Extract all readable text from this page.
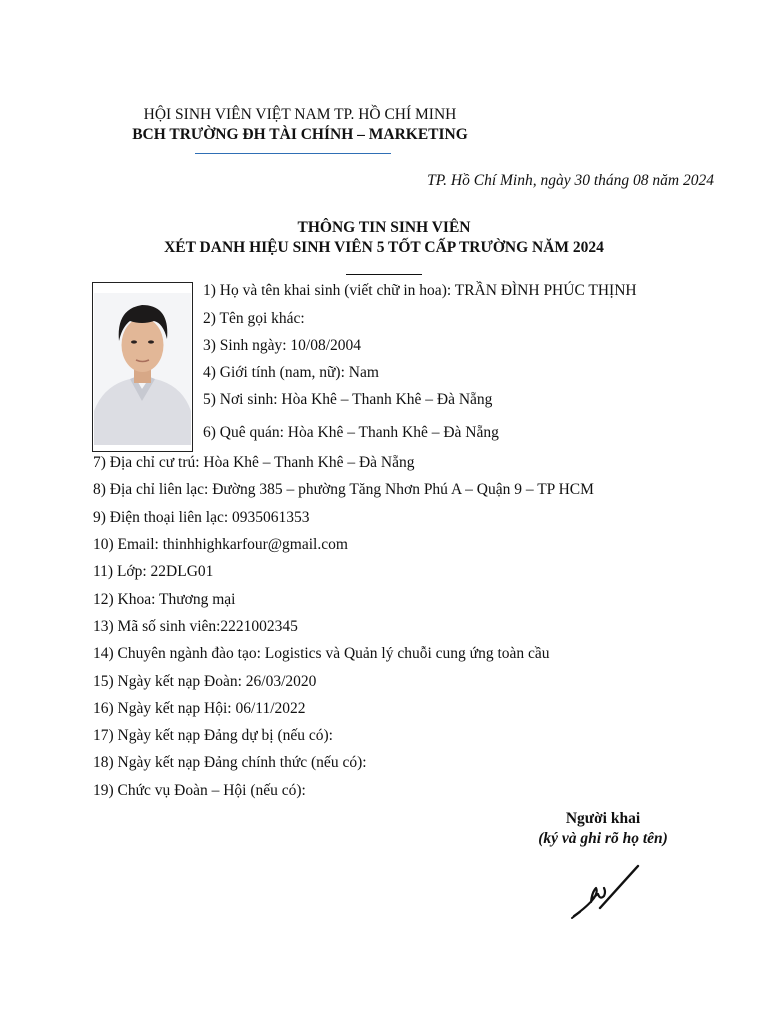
HỘI SINH VIÊN VIỆT NAM TP. HỒ CHÍ MINH
BCH TRƯỜNG ĐH TÀI CHÍNH – MARKETING
TP. Hồ Chí Minh, ngày 30 tháng 08 năm 2024
THÔNG TIN SINH VIÊN
XÉT DANH HIỆU SINH VIÊN 5 TỐT CẤP TRƯỜNG NĂM 2024
1) Họ và tên khai sinh (viết chữ in hoa): TRẦN ĐÌNH PHÚC THỊNH
2) Tên gọi khác:
3) Sinh ngày: 10/08/2004
4) Giới tính (nam, nữ): Nam
5) Nơi sinh: Hòa Khê – Thanh Khê – Đà Nẵng
6) Quê quán: Hòa Khê – Thanh Khê – Đà Nẵng
7) Địa chỉ cư trú: Hòa Khê – Thanh Khê – Đà Nẵng
8) Địa chỉ liên lạc: Đường 385 – phường Tăng Nhơn Phú A – Quận 9 – TP HCM
9) Điện thoại liên lạc: 0935061353
10) Email: thinhhighkarfour@gmail.com
11) Lớp: 22DLG01
12) Khoa: Thương mại
13) Mã số sinh viên:2221002345
14) Chuyên ngành đào tạo: Logistics và Quản lý chuỗi cung ứng toàn cầu
15) Ngày kết nạp Đoàn: 26/03/2020
16) Ngày kết nạp Hội: 06/11/2022
17) Ngày kết nạp Đảng dự bị (nếu có):
18) Ngày kết nạp Đảng chính thức (nếu có):
19) Chức vụ Đoàn – Hội (nếu có):
Người khai
(ký và ghi rõ họ tên)
